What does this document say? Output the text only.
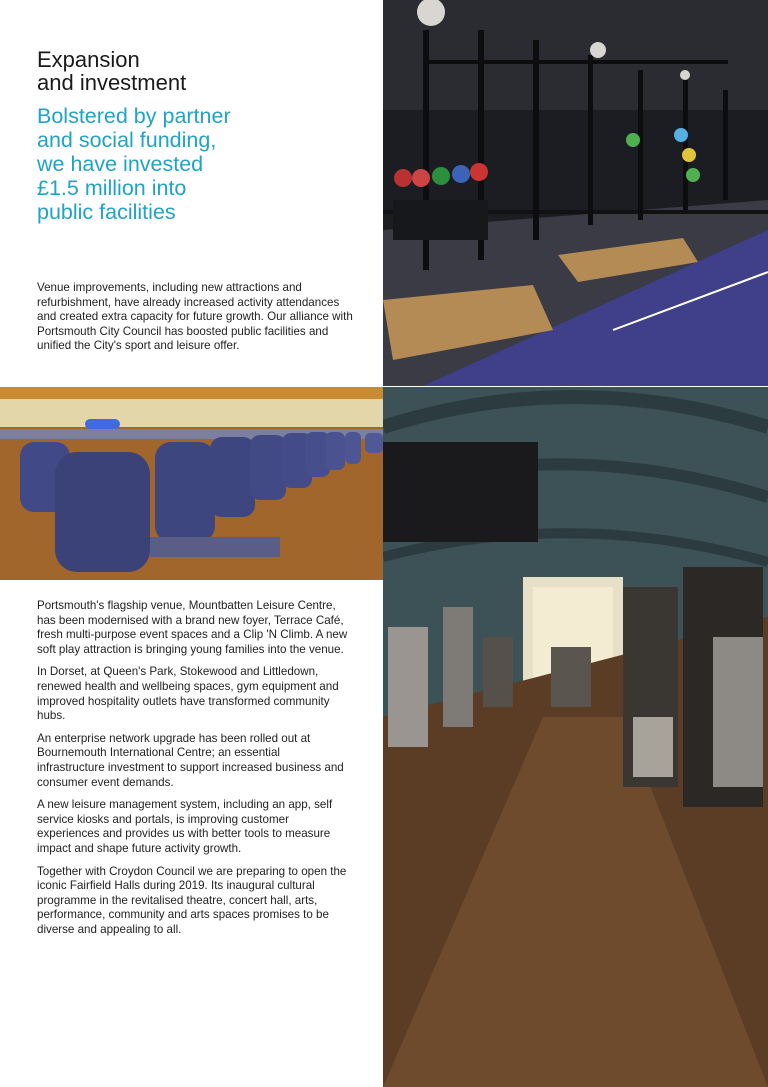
Expansion
and investment
Bolstered by partner
and social funding,
we have invested
£1.5 million into
public facilities

Venue improvements, including new attractions and refurbishment, have already increased activity attendances and created extra capacity for future growth. Our alliance with Portsmouth City Council has boosted public facilities and unified the City's sport and leisure offer.

Portsmouth's flagship venue, Mountbatten Leisure Centre, has been modernised with a brand new foyer, Terrace Café, fresh multi-purpose event spaces and a Clip 'N Climb. A new soft play attraction is bringing young families into the venue.

In Dorset, at Queen's Park, Stokewood and Littledown, renewed health and wellbeing spaces, gym equipment and improved hospitality outlets have transformed community hubs.

An enterprise network upgrade has been rolled out at Bournemouth International Centre; an essential infrastructure investment to support increased business and consumer event demands.

A new leisure management system, including an app, self service kiosks and portals, is improving customer experiences and provides us with better tools to measure impact and shape future activity growth.

Together with Croydon Council we are preparing to open the iconic Fairfield Halls during 2019. Its inaugural cultural programme in the revitalised theatre, concert hall, arts, performance, community and arts spaces promises to be diverse and appealing to all.
